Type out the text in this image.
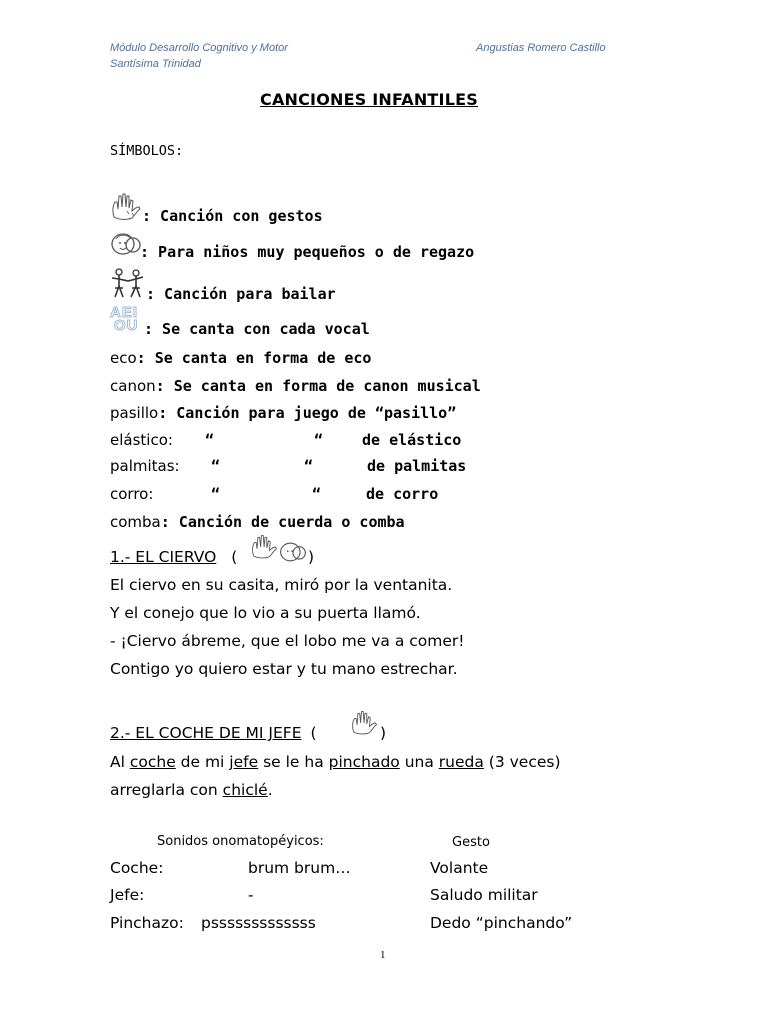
Módulo Desarrollo Cognitivo y Motor
Santísima Trinidad
Angustias Romero Castillo
CANCIONES INFANTILES
SÍMBOLOS:
: Canción con gestos
: Para niños muy pequeños o de regazo
: Canción para bailar
AEI
OU : Se canta con cada vocal
eco: Se canta en forma de eco
canon: Se canta en forma de canon musical
pasillo: Canción para juego de “pasillo”
elástico: “	“	de elástico
palmitas: “	“	de palmitas
corro:	“	“	de corro
comba: Canción de cuerda o comba
1.- EL CIERVO (	)
El ciervo en su casita, miró por la ventanita.
Y el conejo que lo vio a su puerta llamó.
- ¡Ciervo ábreme, que el lobo me va a comer!
Contigo yo quiero estar y tu mano estrechar.
2.- EL COCHE DE MI JEFE (	)
Al coche de mi jefe se le ha pinchado una rueda (3 veces)
arreglarla con chiclé.
Sonidos onomatopéyicos:	Gesto
Coche:	brum brum…	Volante
Jefe:	-	Saludo militar
Pinchazo: psssssssssssss	Dedo “pinchando”
1
